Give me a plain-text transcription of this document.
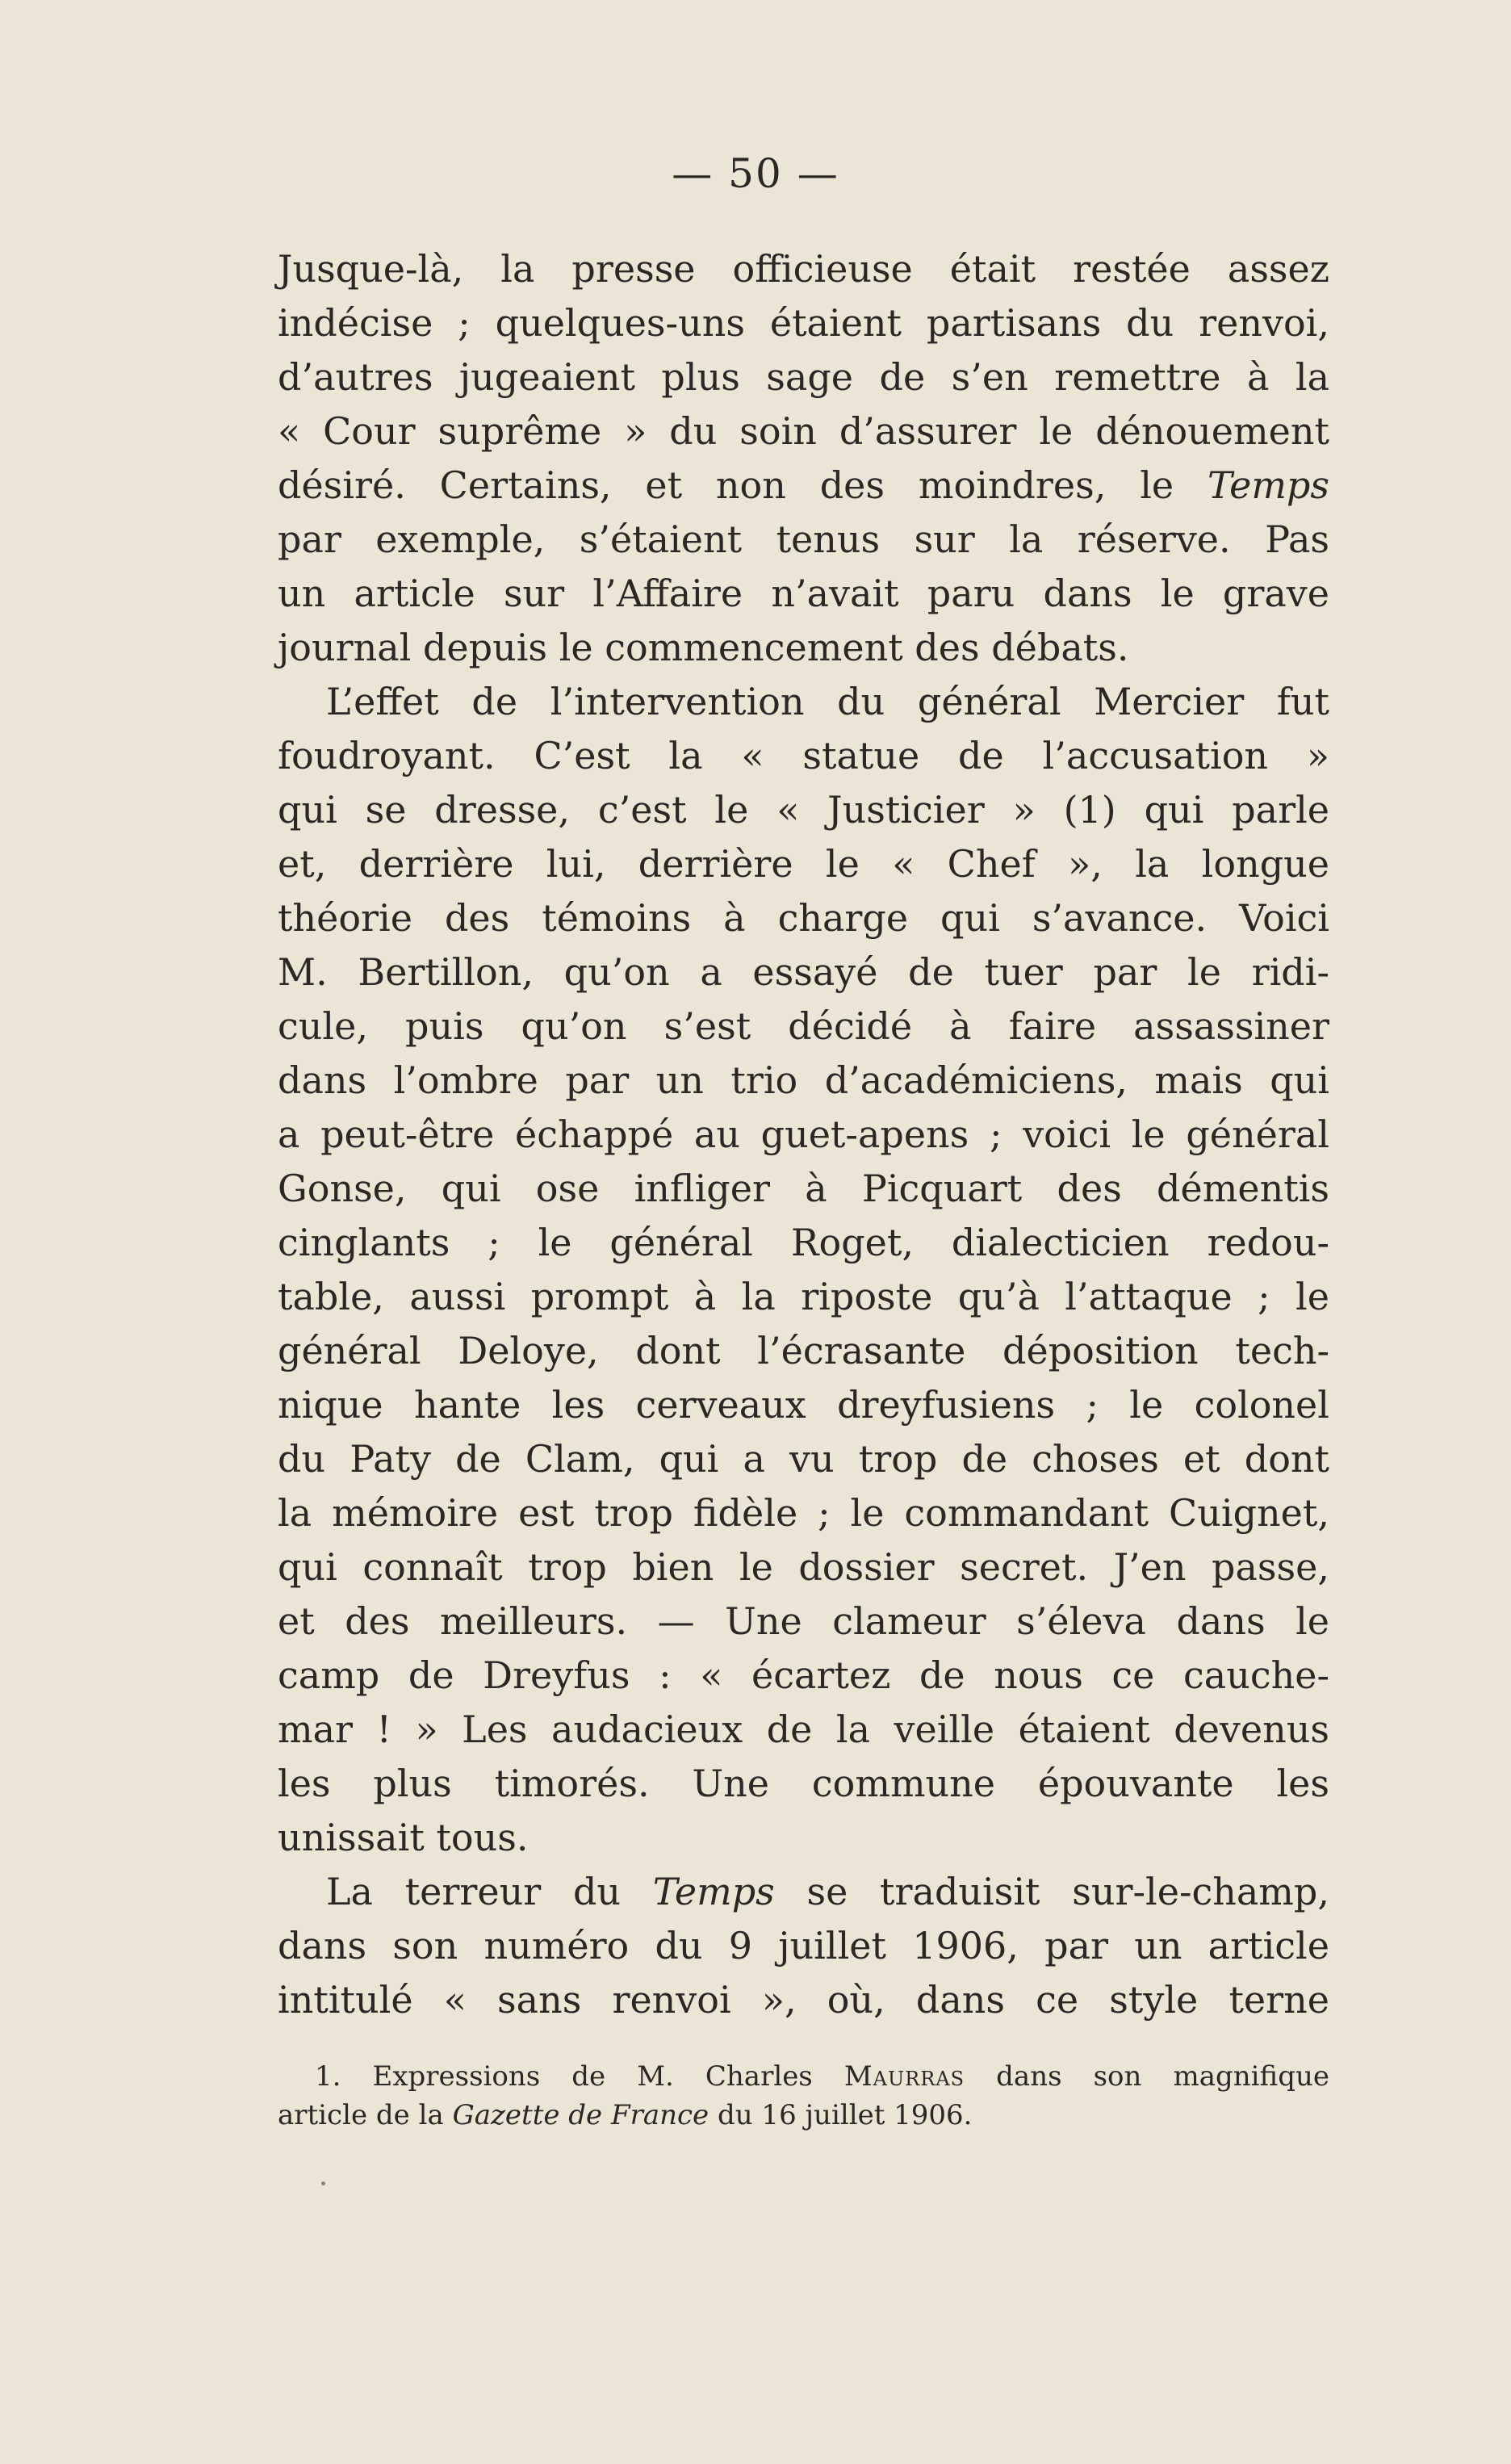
— 50 —
Jusque-là, la presse officieuse était restée assez
indécise ; quelques-uns étaient partisans du renvoi,
d’autres jugeaient plus sage de s’en remettre à la
« Cour suprême » du soin d’assurer le dénouement
désiré. Certains, et non des moindres, le Temps
par exemple, s’étaient tenus sur la réserve. Pas
un article sur l’Affaire n’avait paru dans le grave
journal depuis le commencement des débats.
L’effet de l’intervention du général Mercier fut
foudroyant. C’est la « statue de l’accusation »
qui se dresse, c’est le « Justicier » (1) qui parle
et, derrière lui, derrière le « Chef », la longue
théorie des témoins à charge qui s’avance. Voici
M. Bertillon, qu’on a essayé de tuer par le ridi-
cule, puis qu’on s’est décidé à faire assassiner
dans l’ombre par un trio d’académiciens, mais qui
a peut-être échappé au guet-apens ; voici le général
Gonse, qui ose infliger à Picquart des démentis
cinglants ; le général Roget, dialecticien redou-
table, aussi prompt à la riposte qu’à l’attaque ; le
général Deloye, dont l’écrasante déposition tech-
nique hante les cerveaux dreyfusiens ; le colonel
du Paty de Clam, qui a vu trop de choses et dont
la mémoire est trop fidèle ; le commandant Cuignet,
qui connaît trop bien le dossier secret. J’en passe,
et des meilleurs. — Une clameur s’éleva dans le
camp de Dreyfus : « écartez de nous ce cauche-
mar ! » Les audacieux de la veille étaient devenus
les plus timorés. Une commune épouvante les
unissait tous.
La terreur du Temps se traduisit sur-le-champ,
dans son numéro du 9 juillet 1906, par un article
intitulé « sans renvoi », où, dans ce style terne
1. Expressions de M. Charles Maurras dans son magnifique
article de la Gazette de France du 16 juillet 1906.
